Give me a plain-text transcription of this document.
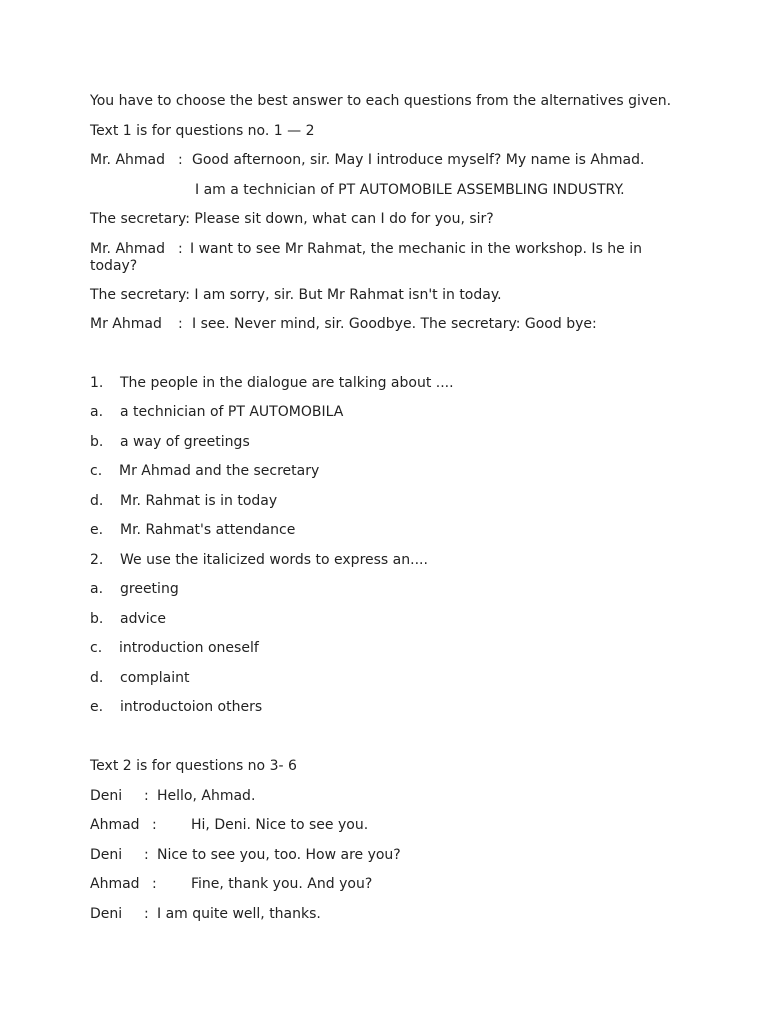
You have to choose the best answer to each questions from the alternatives given.
Text 1 is for questions no. 1 — 2
Mr. Ahmad : Good afternoon, sir. May I introduce myself? My name is Ahmad.
I am a technician of PT AUTOMOBILE ASSEMBLING INDUSTRY.
The secretary: Please sit down, what can I do for you, sir?
Mr. Ahmad : I want to see Mr Rahmat, the mechanic in the workshop. Is he in today?
The secretary: I am sorry, sir. But Mr Rahmat isn't in today.
Mr Ahmad : I see. Never mind, sir. Goodbye. The secretary: Good bye:
1. The people in the dialogue are talking about ....
a. a technician of PT AUTOMOBILA
b. a way of greetings
c. Mr Ahmad and the secretary
d. Mr. Rahmat is in today
e. Mr. Rahmat's attendance
2. We use the italicized words to express an....
a. greeting
b. advice
c. introduction oneself
d. complaint
e. introductoion others
Text 2 is for questions no 3- 6
Deni : Hello, Ahmad.
Ahmad : Hi, Deni. Nice to see you.
Deni : Nice to see you, too. How are you?
Ahmad : Fine, thank you. And you?
Deni : I am quite well, thanks.
